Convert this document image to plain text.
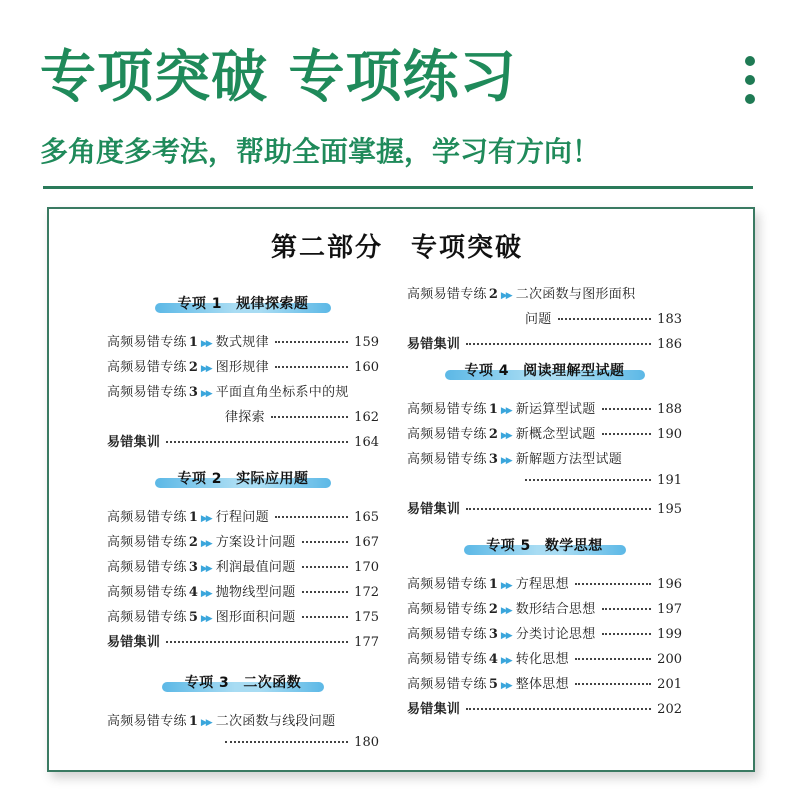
专项突破 专项练习
多角度多考法，帮助全面掌握，学习有方向！
第二部分 专项突破
专项 1 规律探索题
高频易错专练 1 ▶▶ 数式规律	159
高频易错专练 2 ▶▶ 图形规律	160
高频易错专练 3 ▶▶ 平面直角坐标系中的规
律探索	162
易错集训	164
专项 2 实际应用题
高频易错专练 1 ▶▶ 行程问题	165
高频易错专练 2 ▶▶ 方案设计问题	167
高频易错专练 3 ▶▶ 利润最值问题	170
高频易错专练 4 ▶▶ 抛物线型问题	172
高频易错专练 5 ▶▶ 图形面积问题	175
易错集训	177
专项 3 二次函数
高频易错专练 1 ▶▶ 二次函数与线段问题
180
高频易错专练 2 ▶▶ 二次函数与图形面积
问题	183
易错集训	186
专项 4 阅读理解型试题
高频易错专练 1 ▶▶ 新运算型试题	188
高频易错专练 2 ▶▶ 新概念型试题	190
高频易错专练 3 ▶▶ 新解题方法型试题
191
易错集训	195
专项 5 数学思想
高频易错专练 1 ▶▶ 方程思想	196
高频易错专练 2 ▶▶ 数形结合思想	197
高频易错专练 3 ▶▶ 分类讨论思想	199
高频易错专练 4 ▶▶ 转化思想	200
高频易错专练 5 ▶▶ 整体思想	201
易错集训	202
